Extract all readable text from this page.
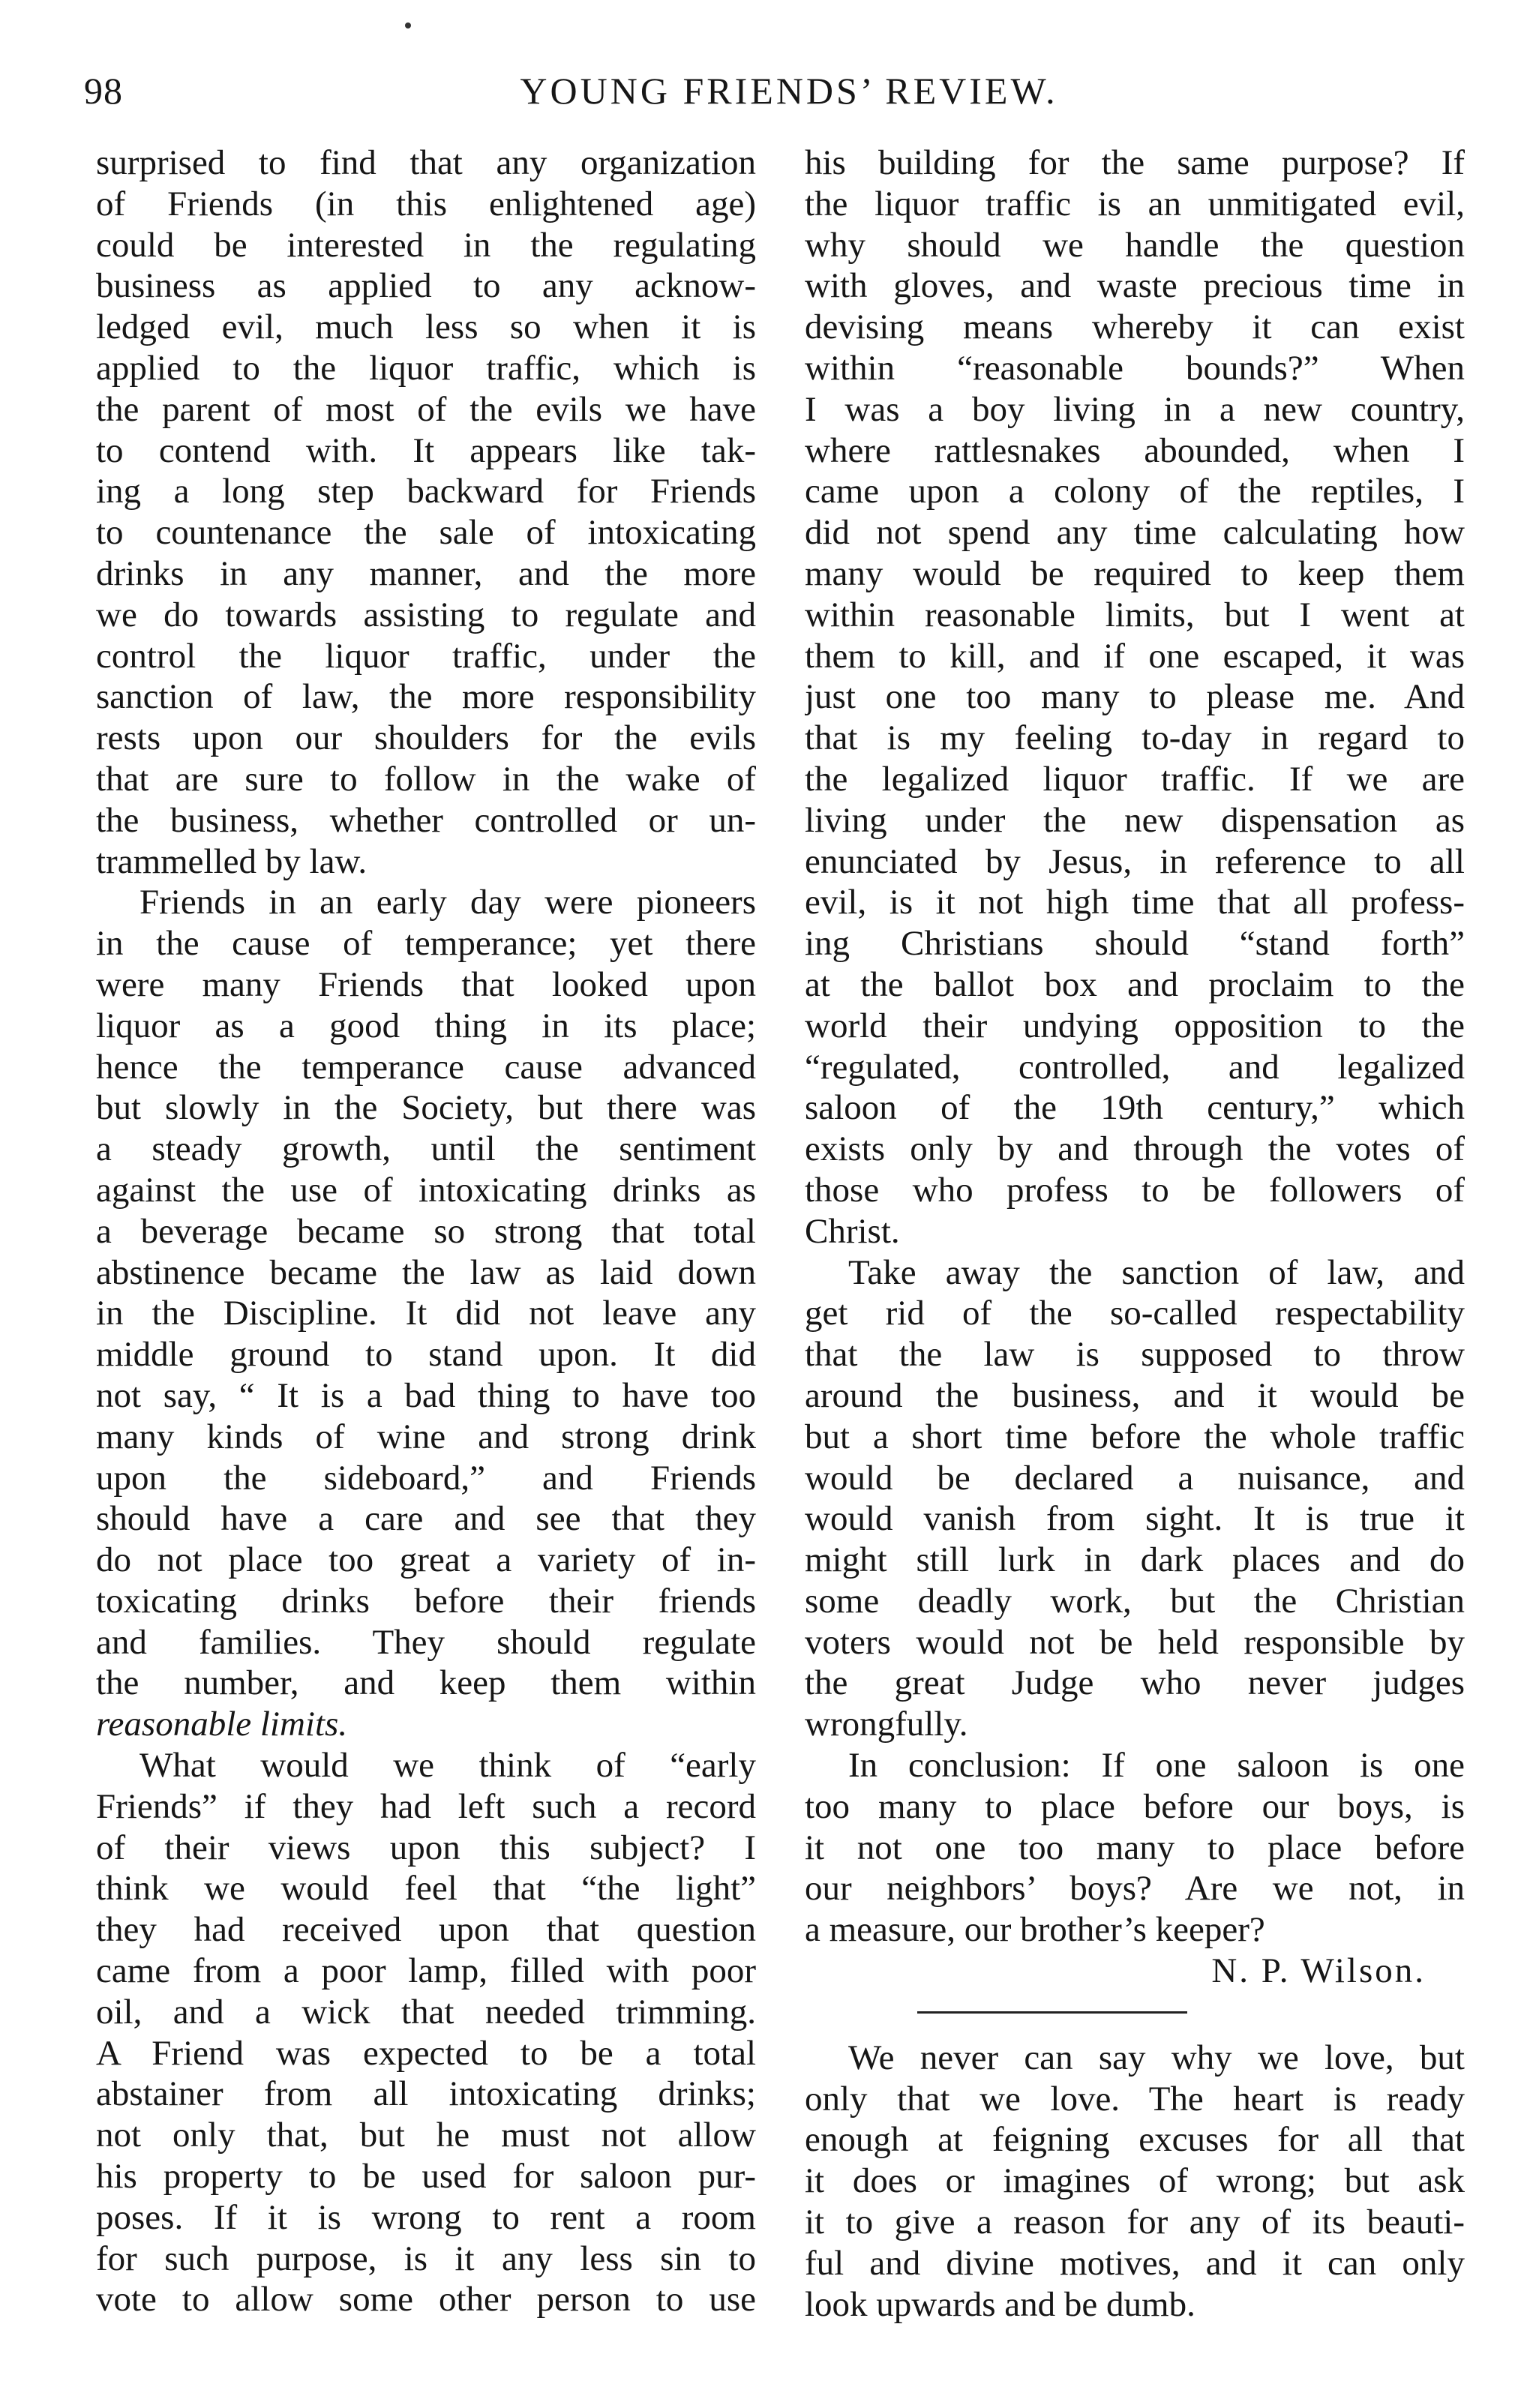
98	YOUNG FRIENDS’ REVIEW.
surprised to find that any organization
of Friends (in this enlightened age)
could be interested in the regulating
business as applied to any acknow-
ledged evil, much less so when it is
applied to the liquor traffic, which is
the parent of most of the evils we have
to contend with. It appears like tak-
ing a long step backward for Friends
to countenance the sale of intoxicating
drinks in any manner, and the more
we do towards assisting to regulate and
control the liquor traffic, under the
sanction of law, the more responsibility
rests upon our shoulders for the evils
that are sure to follow in the wake of
the business, whether controlled or un-
trammelled by law.
Friends in an early day were pioneers
in the cause of temperance; yet there
were many Friends that looked upon
liquor as a good thing in its place;
hence the temperance cause advanced
but slowly in the Society, but there was
a steady growth, until the sentiment
against the use of intoxicating drinks as
a beverage became so strong that total
abstinence became the law as laid down
in the Discipline. It did not leave any
middle ground to stand upon. It did
not say, “ It is a bad thing to have too
many kinds of wine and strong drink
upon the sideboard,” and Friends
should have a care and see that they
do not place too great a variety of in-
toxicating drinks before their friends
and families. They should regulate
the number, and keep them within
reasonable limits.
What would we think of “early
Friends” if they had left such a record
of their views upon this subject? I
think we would feel that “the light”
they had received upon that question
came from a poor lamp, filled with poor
oil, and a wick that needed trimming.
A Friend was expected to be a total
abstainer from all intoxicating drinks;
not only that, but he must not allow
his property to be used for saloon pur-
poses. If it is wrong to rent a room
for such purpose, is it any less sin to
vote to allow some other person to use
his building for the same purpose? If
the liquor traffic is an unmitigated evil,
why should we handle the question
with gloves, and waste precious time in
devising means whereby it can exist
within “reasonable bounds?” When
I was a boy living in a new country,
where rattlesnakes abounded, when I
came upon a colony of the reptiles, I
did not spend any time calculating how
many would be required to keep them
within reasonable limits, but I went at
them to kill, and if one escaped, it was
just one too many to please me. And
that is my feeling to-day in regard to
the legalized liquor traffic. If we are
living under the new dispensation as
enunciated by Jesus, in reference to all
evil, is it not high time that all profess-
ing Christians should “stand forth”
at the ballot box and proclaim to the
world their undying opposition to the
“regulated, controlled, and legalized
saloon of the 19th century,” which
exists only by and through the votes of
those who profess to be followers of
Christ.
Take away the sanction of law, and
get rid of the so-called respectability
that the law is supposed to throw
around the business, and it would be
but a short time before the whole traffic
would be declared a nuisance, and
would vanish from sight. It is true it
might still lurk in dark places and do
some deadly work, but the Christian
voters would not be held responsible by
the great Judge who never judges
wrongfully.
In conclusion: If one saloon is one
too many to place before our boys, is
it not one too many to place before
our neighbors’ boys? Are we not, in
a measure, our brother’s keeper?
N. P. Wilson.
We never can say why we love, but
only that we love. The heart is ready
enough at feigning excuses for all that
it does or imagines of wrong; but ask
it to give a reason for any of its beauti-
ful and divine motives, and it can only
look upwards and be dumb.
